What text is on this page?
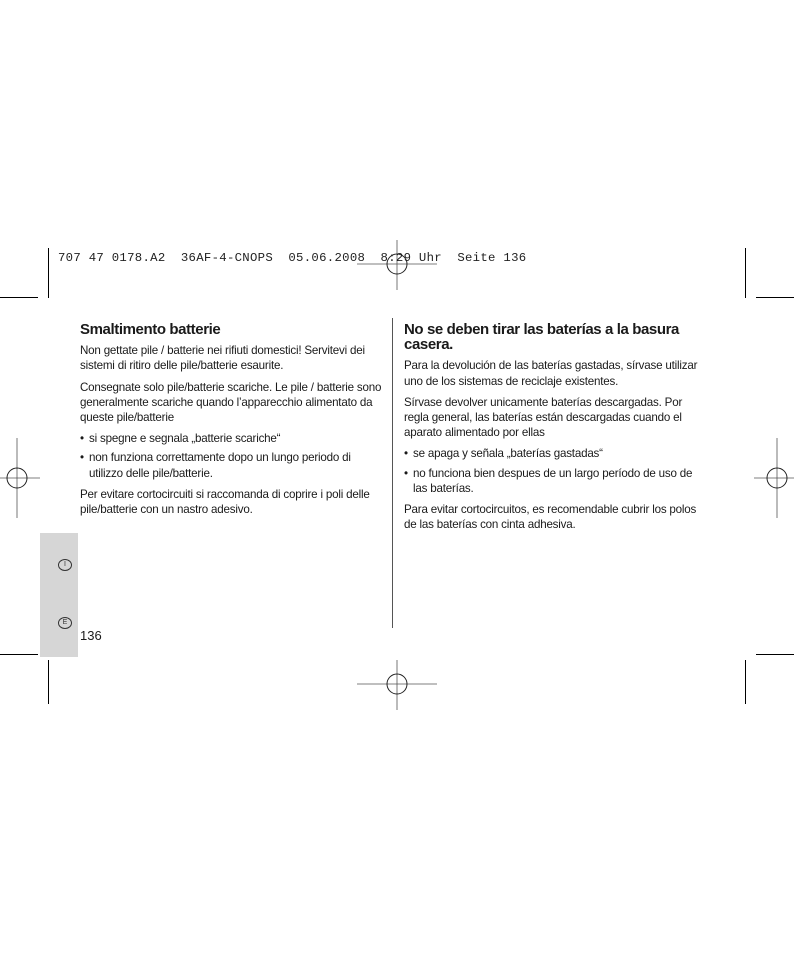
707 47 0178.A2  36AF-4-CNOPS  05.06.2008  8:29 Uhr  Seite 136
Smaltimento batterie

Non gettate pile / batterie nei rifiuti domestici! Servitevi dei sistemi di ritiro delle pile/batterie esaurite.

Consegnate solo pile/batterie scariche. Le pile / batterie sono generalmente scariche quando l’apparecchio alimentato da queste pile/batterie

• si spegne e segnala „batterie scariche“
• non funziona correttamente dopo un lungo periodo di utilizzo delle pile/batterie.

Per evitare cortocircuiti si raccomanda di coprire i poli delle pile/batterie con un nastro adesivo.

No se deben tirar las baterías a la basura casera.

Para la devolución de las baterías gastadas, sírvase utilizar uno de los sistemas de reciclaje existentes.

Sírvase devolver unicamente baterías descargadas. Por regla general, las baterías están descargadas cuando el aparato alimentado por ellas

• se apaga y señala „baterías gastadas“
• no funciona bien despues de un largo período de uso de las baterías.

Para evitar cortocircuitos, es recomendable cubrir los polos de las baterías con cinta adhesiva.

I
E
136
